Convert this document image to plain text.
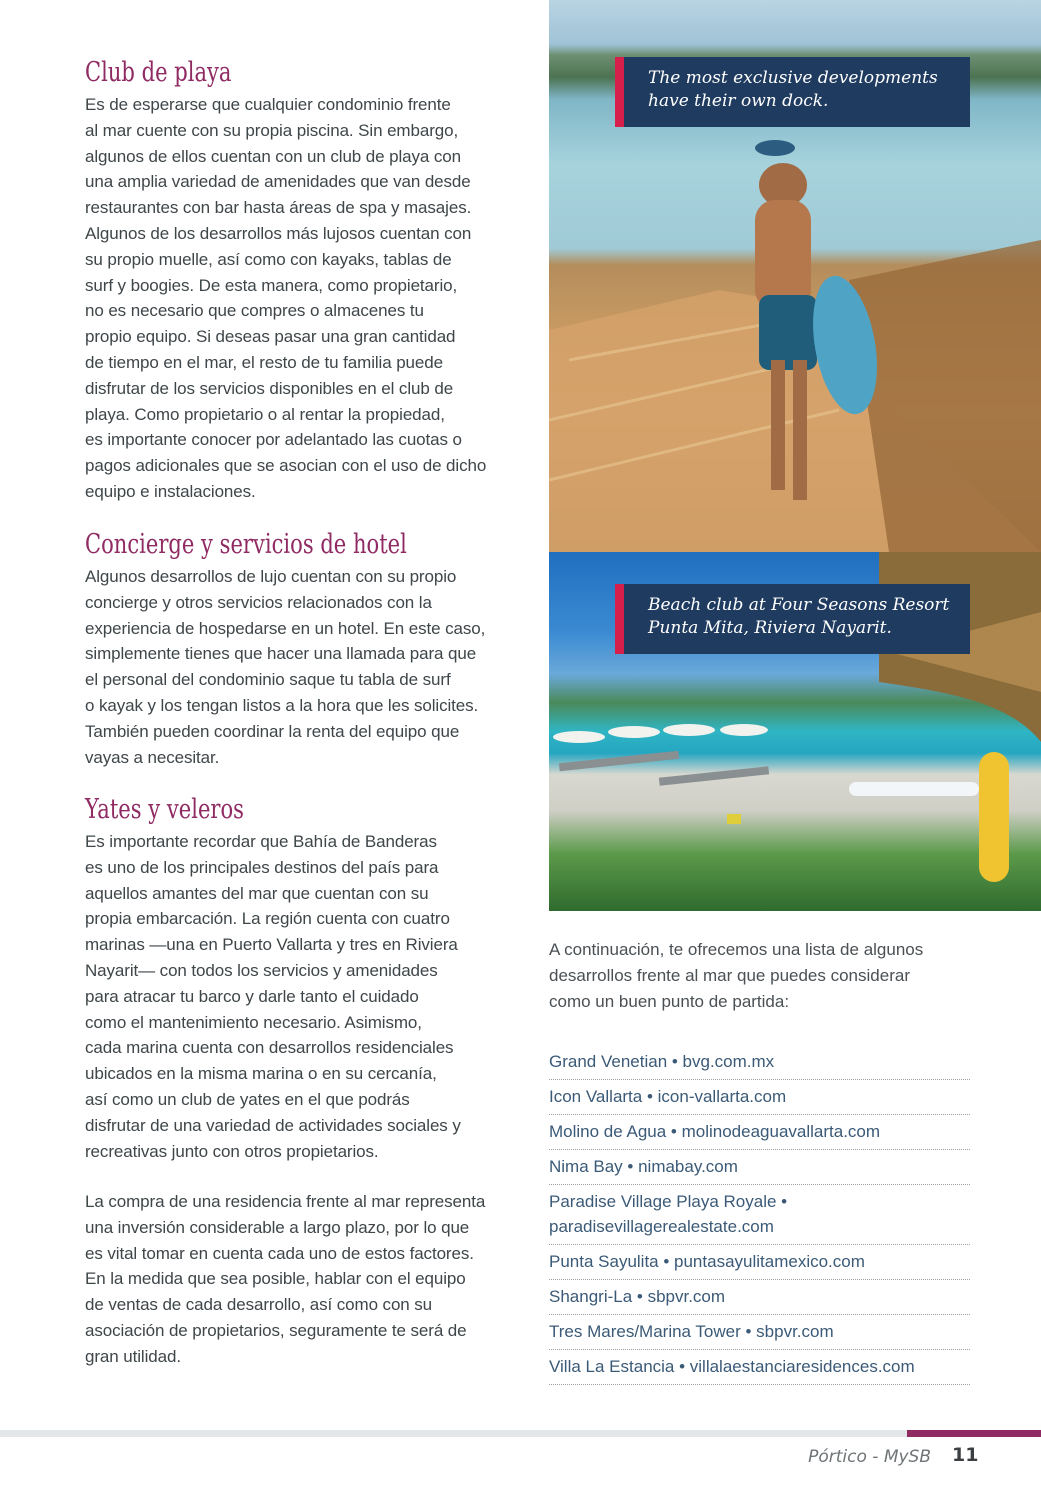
Club de playa

Es de esperarse que cualquier condominio frente
al mar cuente con su propia piscina. Sin embargo,
algunos de ellos cuentan con un club de playa con
una amplia variedad de amenidades que van desde
restaurantes con bar hasta áreas de spa y masajes.
Algunos de los desarrollos más lujosos cuentan con
su propio muelle, así como con kayaks, tablas de
surf y boogies. De esta manera, como propietario,
no es necesario que compres o almacenes tu
propio equipo. Si deseas pasar una gran cantidad
de tiempo en el mar, el resto de tu familia puede
disfrutar de los servicios disponibles en el club de
playa. Como propietario o al rentar la propiedad,
es importante conocer por adelantado las cuotas o
pagos adicionales que se asocian con el uso de dicho
equipo e instalaciones.

Concierge y servicios de hotel

Algunos desarrollos de lujo cuentan con su propio
concierge y otros servicios relacionados con la
experiencia de hospedarse en un hotel. En este caso,
simplemente tienes que hacer una llamada para que
el personal del condominio saque tu tabla de surf
o kayak y los tengan listos a la hora que les solicites.
También pueden coordinar la renta del equipo que
vayas a necesitar.

Yates y veleros

Es importante recordar que Bahía de Banderas
es uno de los principales destinos del país para
aquellos amantes del mar que cuentan con su
propia embarcación. La región cuenta con cuatro
marinas —una en Puerto Vallarta y tres en Riviera
Nayarit— con todos los servicios y amenidades
para atracar tu barco y darle tanto el cuidado
como el mantenimiento necesario. Asimismo,
cada marina cuenta con desarrollos residenciales
ubicados en la misma marina o en su cercanía,
así como un club de yates en el que podrás
disfrutar de una variedad de actividades sociales y
recreativas junto con otros propietarios.

La compra de una residencia frente al mar representa
una inversión considerable a largo plazo, por lo que
es vital tomar en cuenta cada uno de estos factores.
En la medida que sea posible, hablar con el equipo
de ventas de cada desarrollo, así como con su
asociación de propietarios, seguramente te será de
gran utilidad.

The most exclusive developments
have their own dock.
Beach club at Four Seasons Resort
Punta Mita, Riviera Nayarit.

A continuación, te ofrecemos una lista de algunos
desarrollos frente al mar que puedes considerar
como un buen punto de partida:

Grand Venetian • bvg.com.mx
Icon Vallarta • icon-vallarta.com
Molino de Agua • molinodeaguavallarta.com
Nima Bay • nimabay.com
Paradise Village Playa Royale •
paradisevillagerealestate.com
Punta Sayulita • puntasayulitamexico.com
Shangri-La • sbpvr.com
Tres Mares/Marina Tower • sbpvr.com
Villa La Estancia • villalaestanciaresidences.com
Pórtico - MySB 11
